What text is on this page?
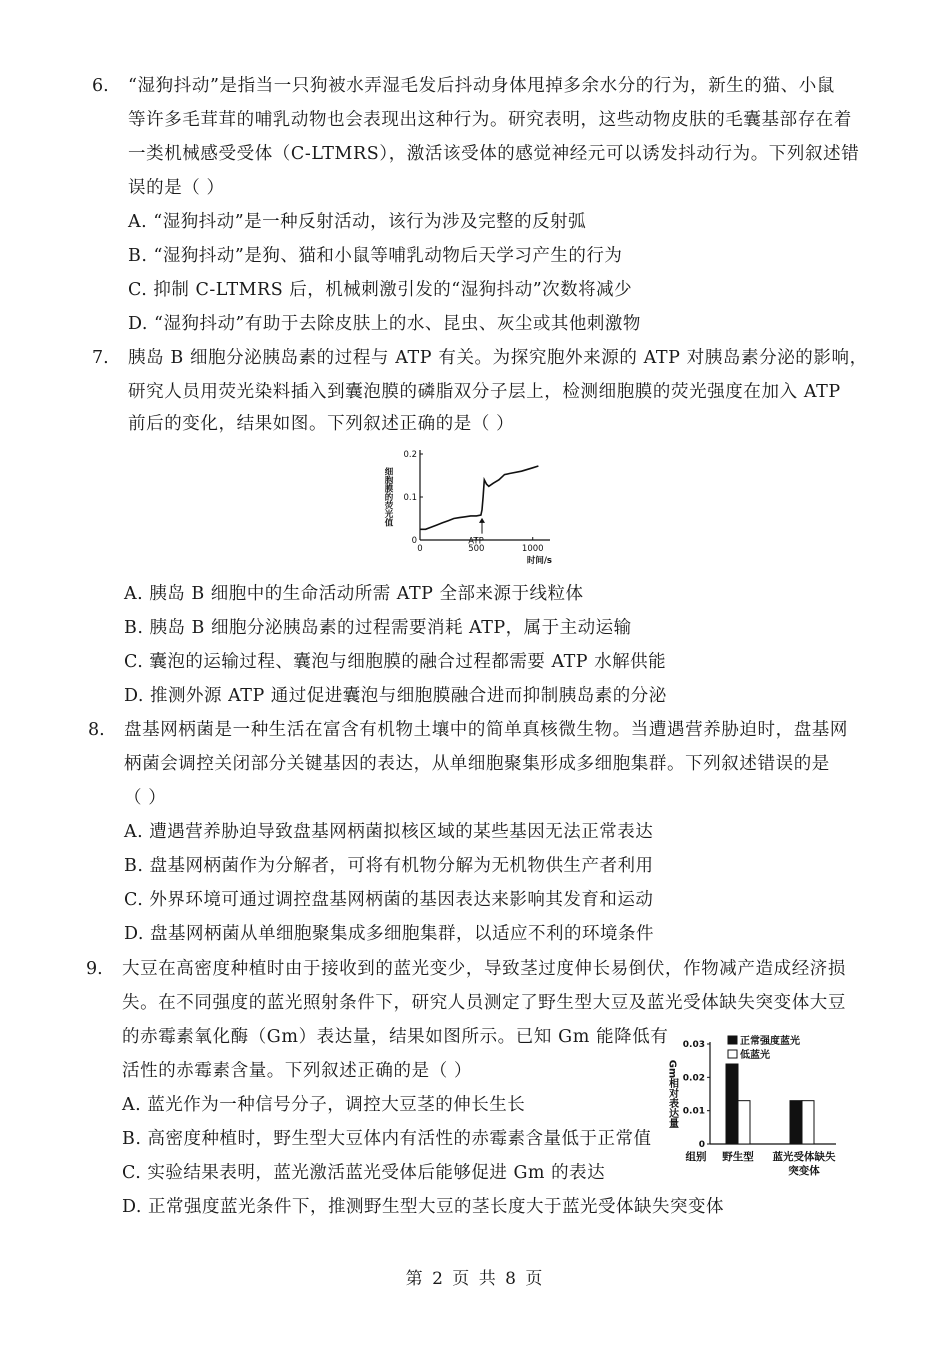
6. “湿狗抖动”是指当一只狗被水弄湿毛发后抖动身体甩掉多余水分的行为，新生的猫、小鼠
等许多毛茸茸的哺乳动物也会表现出这种行为。研究表明，这些动物皮肤的毛囊基部存在着
一类机械感受受体（C-LTMRS），激活该受体的感觉神经元可以诱发抖动行为。下列叙述错
误的是（ ）
A. “湿狗抖动”是一种反射活动，该行为涉及完整的反射弧
B. “湿狗抖动”是狗、猫和小鼠等哺乳动物后天学习产生的行为
C. 抑制 C-LTMRS 后，机械刺激引发的“湿狗抖动”次数将减少
D. “湿狗抖动”有助于去除皮肤上的水、昆虫、灰尘或其他刺激物
7. 胰岛 B 细胞分泌胰岛素的过程与 ATP 有关。为探究胞外来源的 ATP 对胰岛素分泌的影响，
研究人员用荧光染料插入到囊泡膜的磷脂双分子层上，检测细胞膜的荧光强度在加入 ATP
前后的变化，结果如图。下列叙述正确的是（ ）
0
0.1
0.2
0	500	1000
时间/s
细胞膜的荧光值
ATP
A. 胰岛 B 细胞中的生命活动所需 ATP 全部来源于线粒体
B. 胰岛 B 细胞分泌胰岛素的过程需要消耗 ATP，属于主动运输
C. 囊泡的运输过程、囊泡与细胞膜的融合过程都需要 ATP 水解供能
D. 推测外源 ATP 通过促进囊泡与细胞膜融合进而抑制胰岛素的分泌
8. 盘基网柄菌是一种生活在富含有机物土壤中的简单真核微生物。当遭遇营养胁迫时，盘基网
柄菌会调控关闭部分关键基因的表达，从单细胞聚集形成多细胞集群。下列叙述错误的是
（ ）
A. 遭遇营养胁迫导致盘基网柄菌拟核区域的某些基因无法正常表达
B. 盘基网柄菌作为分解者，可将有机物分解为无机物供生产者利用
C. 外界环境可通过调控盘基网柄菌的基因表达来影响其发育和运动
D. 盘基网柄菌从单细胞聚集成多细胞集群，以适应不利的环境条件
9. 大豆在高密度种植时由于接收到的蓝光变少，导致茎过度伸长易倒伏，作物减产造成经济损
失。在不同强度的蓝光照射条件下，研究人员测定了野生型大豆及蓝光受体缺失突变体大豆
的赤霉素氧化酶（Gm）表达量，结果如图所示。已知 Gm 能降低有
活性的赤霉素含量。下列叙述正确的是（ ）
A. 蓝光作为一种信号分子，调控大豆茎的伸长生长
B. 高密度种植时，野生型大豆体内有活性的赤霉素含量低于正常值
C. 实验结果表明，蓝光激活蓝光受体后能够促进 Gm 的表达
D. 正常强度蓝光条件下，推测野生型大豆的茎长度大于蓝光受体缺失突变体
0
0.01
0.02
0.03
Gm相对表达量
组别 野生型 蓝光受体缺失
突变体
正常强度蓝光
低蓝光
第 2 页 共 8 页
